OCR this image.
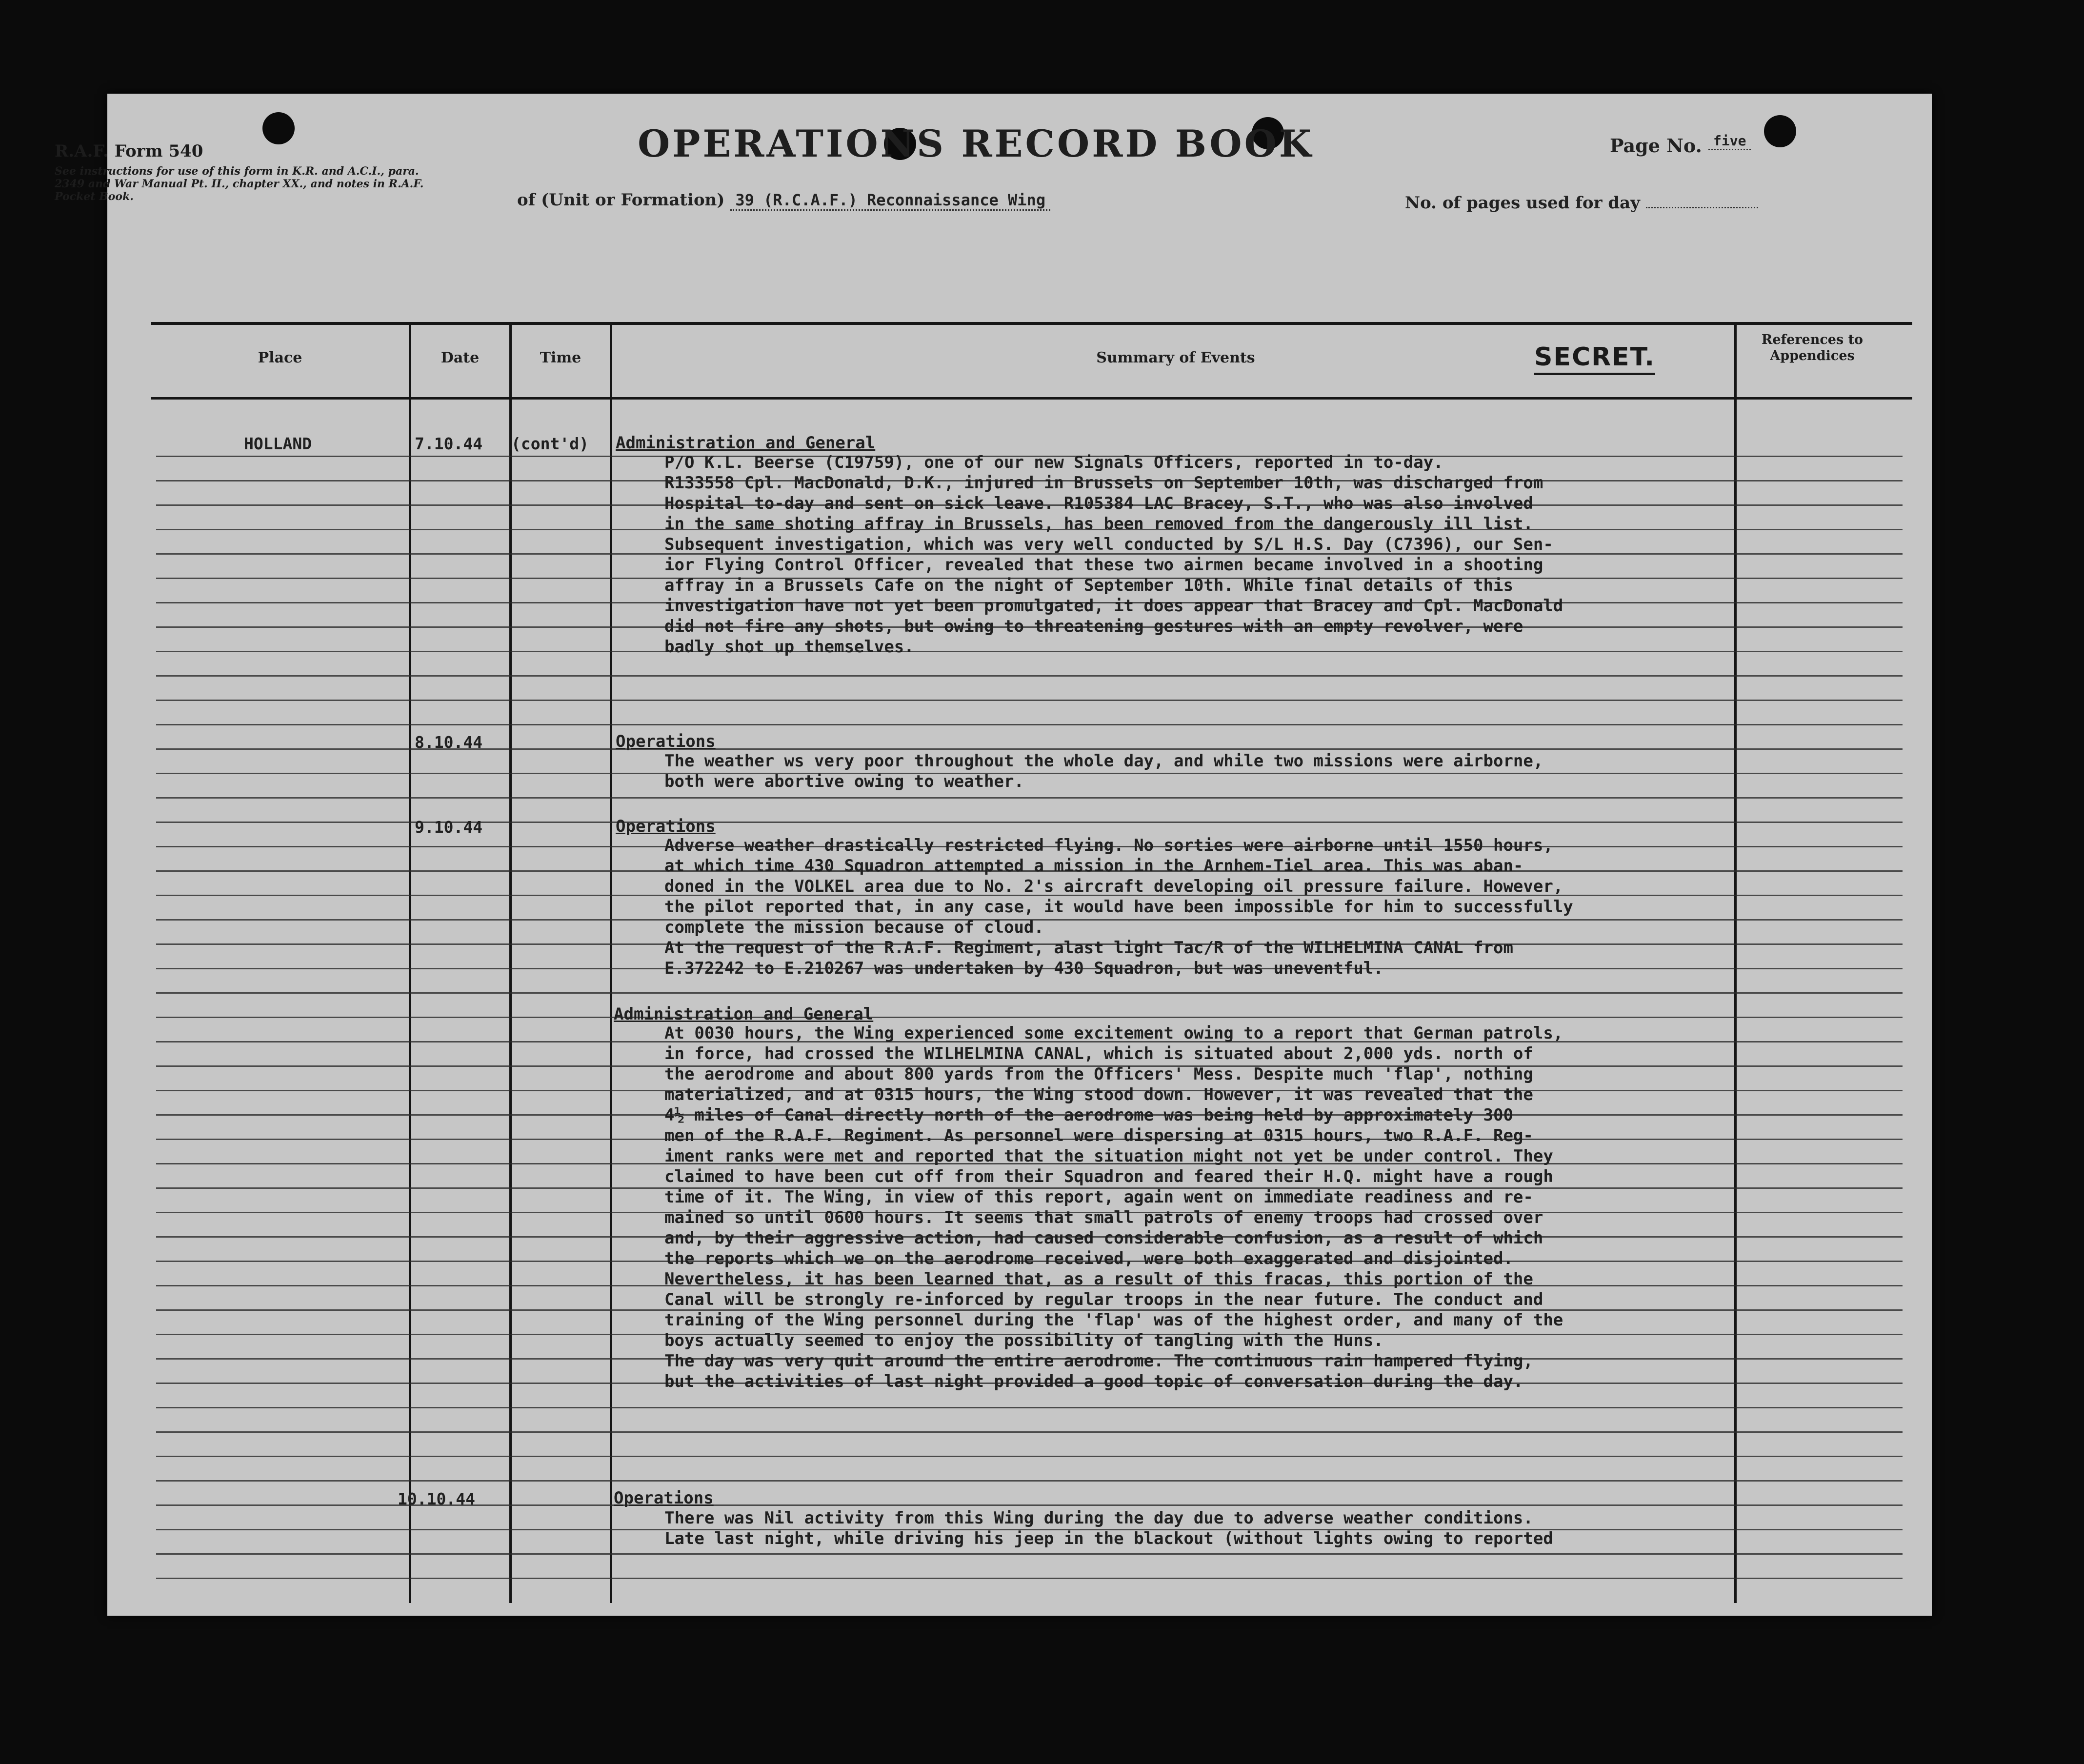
R.A.F. Form 540
See instructions for use of this form in K.R. and A.C.I., para. 2349 and War Manual Pt. II., chapter XX., and notes in R.A.F. Pocket Book.
OPERATIONS RECORD BOOK
of (Unit or Formation) 39 (R.C.A.F.) Reconnaissance Wing
Page No. $^{five}$
No. of pages used for day
Place	Date	Time	Summary of Events	SECRET.
References to Appendices
HOLLAND	7.10.44 (cont'd) Administration and General
P/O K.L. Beerse (C19759), one of our new Signals Officers, reported in to-day.
R133558 Cpl. MacDonald, D.K., injured in Brussels on September 10th, was discharged from
Hospital to-day and sent on sick leave. R105384 LAC Bracey, S.T., who was also involved
in the same shoting affray in Brussels, has been removed from the dangerously ill list.
Subsequent investigation, which was very well conducted by S/L H.S. Day (C7396), our Sen-
ior Flying Control Officer, revealed that these two airmen became involved in a shooting
affray in a Brussels Cafe on the night of September 10th. While final details of this
investigation have not yet been promulgated, it does appear that Bracey and Cpl. MacDonald
did not fire any shots, but owing to threatening gestures with an empty revolver, were
badly shot up themselves.
8.10.44	Operations
The weather ws very poor throughout the whole day, and while two missions were airborne,
both were abortive owing to weather.
9.10.44	Operations
Adverse weather drastically restricted flying. No sorties were airborne until 1550 hours,
at which time 430 Squadron attempted a mission in the Arnhem-Tiel area. This was aban-
doned in the VOLKEL area due to No. 2's aircraft developing oil pressure failure. However,
the pilot reported that, in any case, it would have been impossible for him to successfully
complete the mission because of cloud.
At the request of the R.A.F. Regiment, alast light Tac/R of the WILHELMINA CANAL from
E.372242 to E.210267 was undertaken by 430 Squadron, but was uneventful.
Administration and General
At 0030 hours, the Wing experienced some excitement owing to a report that German patrols,
in force, had crossed the WILHELMINA CANAL, which is situated about 2,000 yds. north of
the aerodrome and about 800 yards from the Officers' Mess. Despite much 'flap', nothing
materialized, and at 0315 hours, the Wing stood down. However, it was revealed that the
4½ miles of Canal directly north of the aerodrome was being held by approximately 300
men of the R.A.F. Regiment. As personnel were dispersing at 0315 hours, two R.A.F. Reg-
iment ranks were met and reported that the situation might not yet be under control. They
claimed to have been cut off from their Squadron and feared their H.Q. might have a rough
time of it. The Wing, in view of this report, again went on immediate readiness and re-
mained so until 0600 hours. It seems that small patrols of enemy troops had crossed over
and, by their aggressive action, had caused considerable confusion, as a result of which
the reports which we on the aerodrome received, were both exaggerated and disjointed.
Nevertheless, it has been learned that, as a result of this fracas, this portion of the
Canal will be strongly re-inforced by regular troops in the near future. The conduct and
training of the Wing personnel during the 'flap' was of the highest order, and many of the
boys actually seemed to enjoy the possibility of tangling with the Huns.
The day was very quit around the entire aerodrome. The continuous rain hampered flying,
but the activities of last night provided a good topic of conversation during the day.
10.10.44	Operations
There was Nil activity from this Wing during the day due to adverse weather conditions.
Late last night, while driving his jeep in the blackout (without lights owing to reported
